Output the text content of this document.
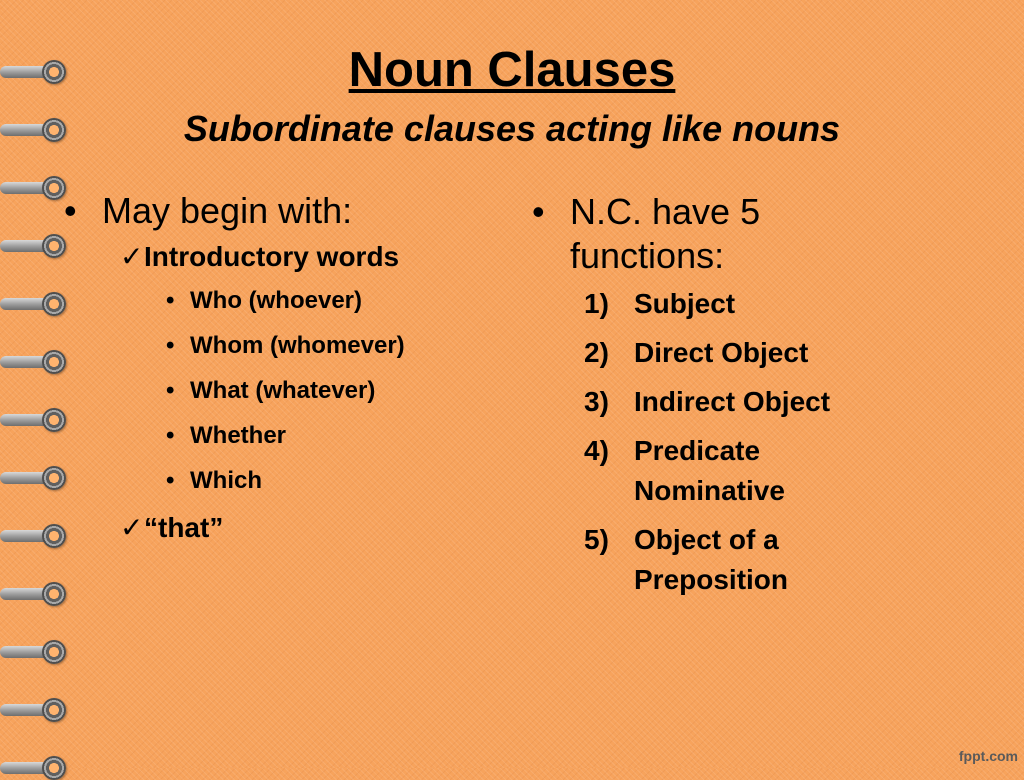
Noun Clauses
Subordinate clauses acting like nouns
• May begin with:
✓ Introductory words
• Who (whoever)
• Whom (whomever)
• What (whatever)
• Whether
• Which
✓ “that”
• N.C. have 5 functions:
1) Subject
2) Direct Object
3) Indirect Object
4) Predicate Nominative
5) Object of a Preposition
fppt.com
